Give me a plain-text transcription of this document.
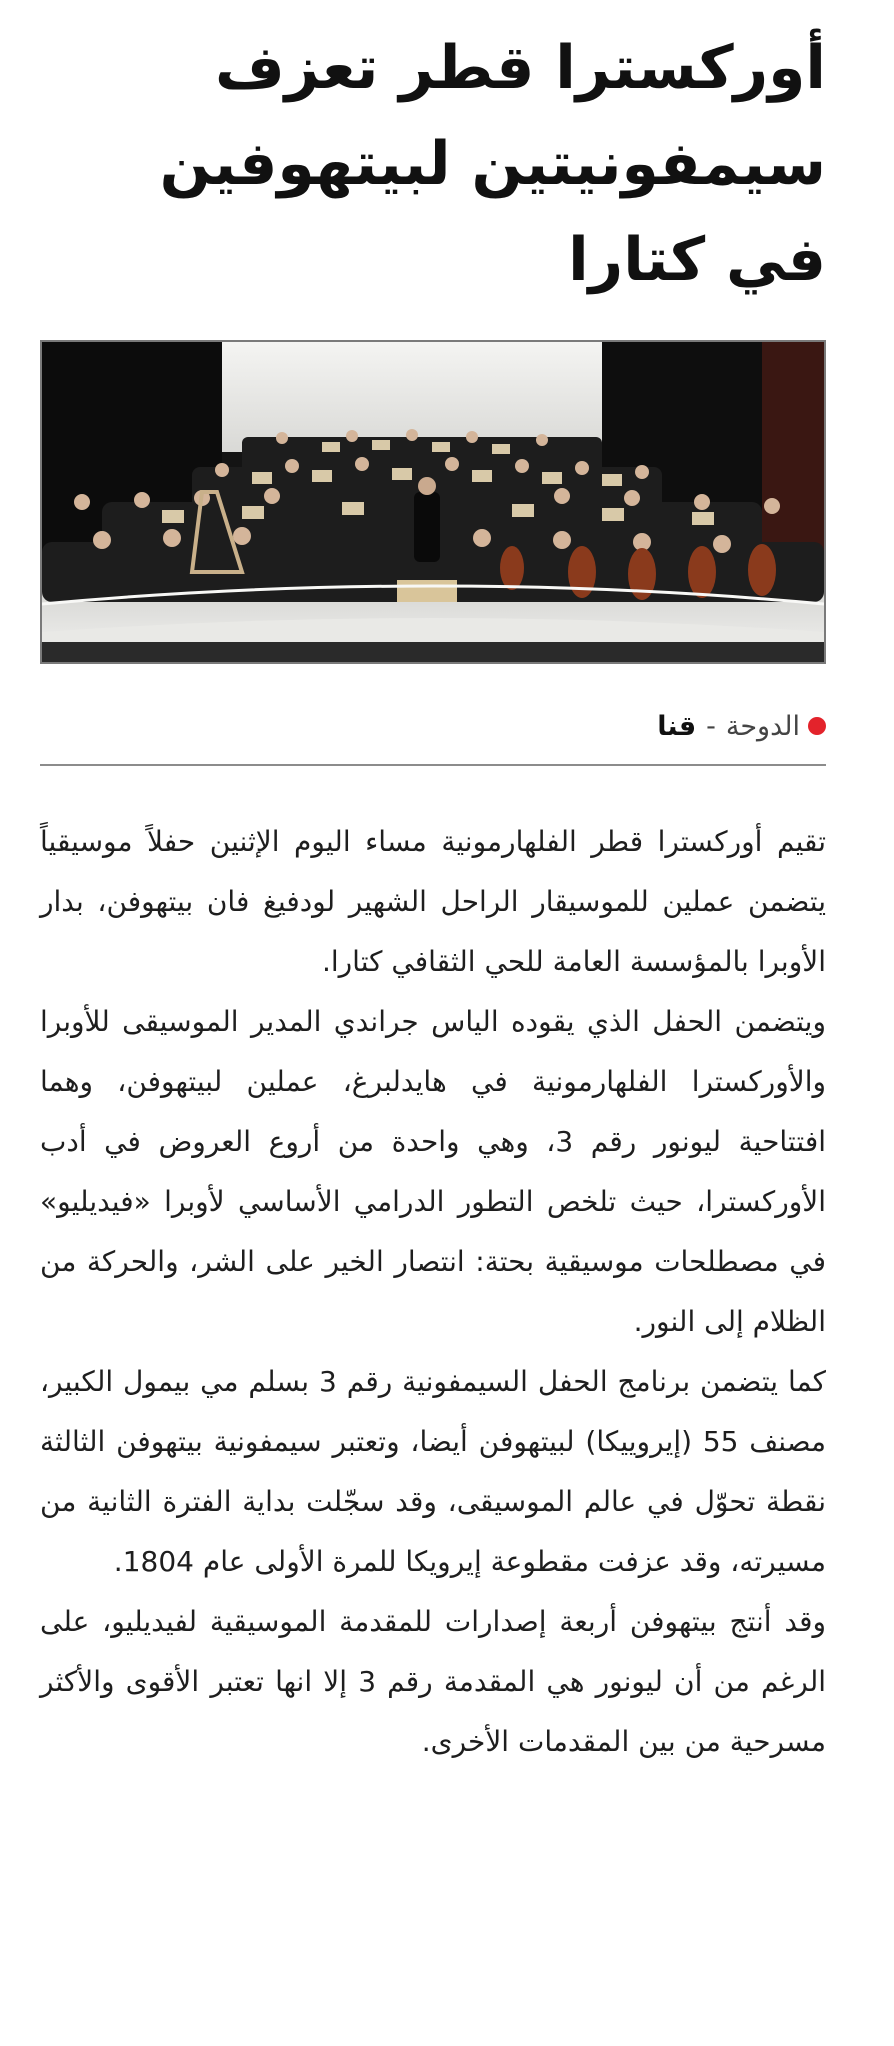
أوركسترا قطر تعزف سيمفونيتين لبيتهوفين في كتارا
الدوحة
-
قنا

تقيم أوركسترا قطر الفلهارمونية مساء اليوم الإثنين حفلاً موسيقياً يتضمن عملين للموسيقار الراحل الشهير لودفيغ فان بيتهوفن، بدار الأوبرا بالمؤسسة العامة للحي الثقافي كتارا.

ويتضمن الحفل الذي يقوده الياس جراندي المدير الموسيقى للأوبرا والأوركسترا الفلهارمونية في هايدلبرغ، عملين لبيتهوفن، وهما افتتاحية ليونور رقم 3، وهي واحدة من أروع العروض في أدب الأوركسترا، حيث تلخص التطور الدرامي الأساسي لأوبرا «فيديليو» في مصطلحات موسيقية بحتة: انتصار الخير على الشر، والحركة من الظلام إلى النور.

كما يتضمن برنامج الحفل السيمفونية رقم 3 بسلم مي بيمول الكبير، مصنف 55 (إيروييكا) لبيتهوفن أيضا، وتعتبر سيمفونية بيتهوفن الثالثة نقطة تحوّل في عالم الموسيقى، وقد سجّلت بداية الفترة الثانية من مسيرته، وقد عزفت مقطوعة إيرويكا للمرة الأولى عام 1804.

وقد أنتج بيتهوفن أربعة إصدارات للمقدمة الموسيقية لفيديليو، على الرغم من أن ليونور هي المقدمة رقم 3 إلا انها تعتبر الأقوى والأكثر مسرحية من بين المقدمات الأخرى.
